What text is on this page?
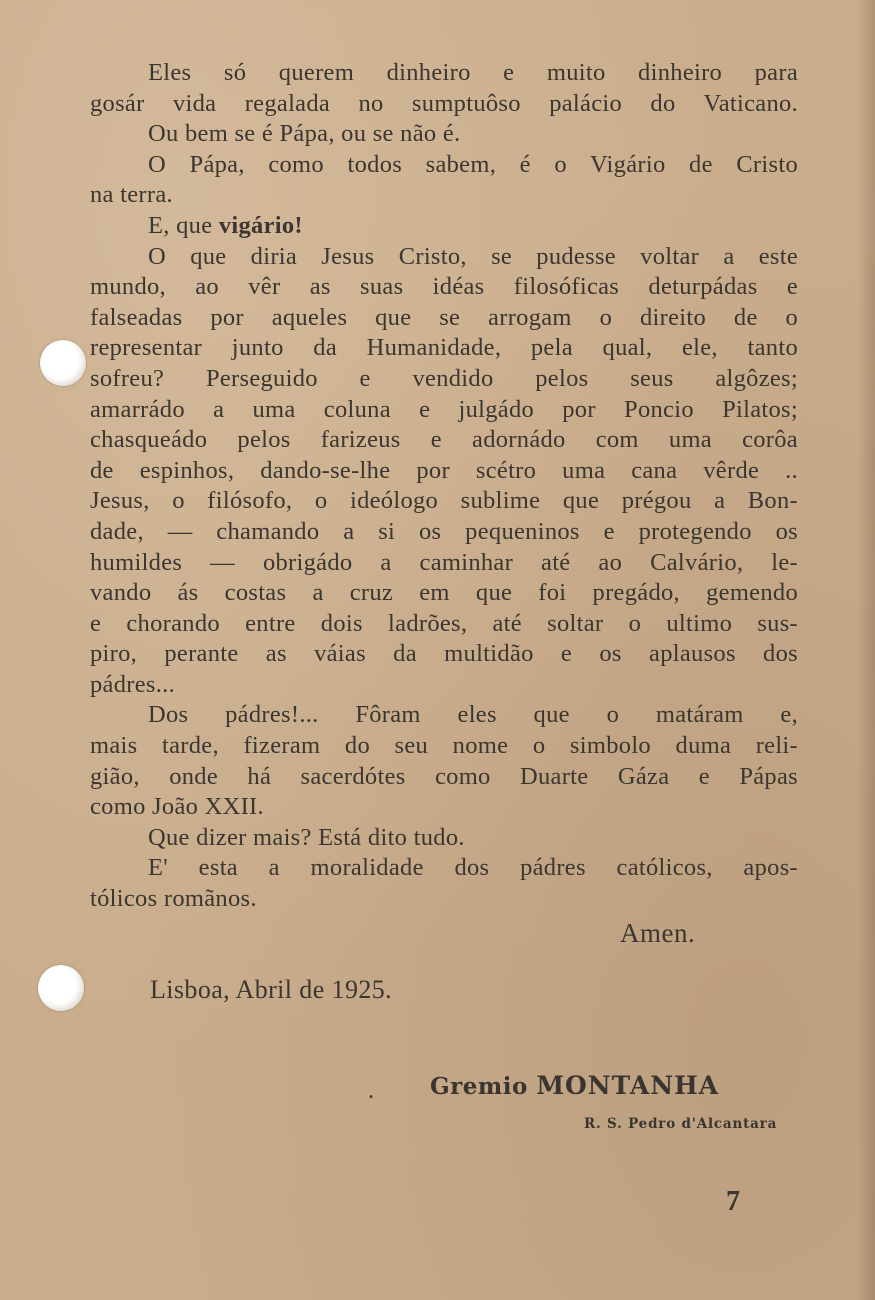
Eles só querem dinheiro e muito dinheiro para
gosár vida regalada no sumptuôso palácio do Vaticano.
Ou bem se é Pápa, ou se não é.
O Pápa, como todos sabem, é o Vigário de Cristo
na terra.
E, que vigário!
O que diria Jesus Cristo, se pudesse voltar a este
mundo, ao vêr as suas idéas filosóficas deturpádas e
falseadas por aqueles que se arrogam o direito de o
representar junto da Humanidade, pela qual, ele, tanto
sofreu? Perseguido e vendido pelos seus algôzes;
amarrádo a uma coluna e julgádo por Poncio Pilatos;
chasqueádo pelos farizeus e adornádo com uma corôa
de espinhos, dando-se-lhe por scétro uma cana vêrde ..
Jesus, o filósofo, o ideólogo sublime que prégou a Bon-
dade, — chamando a si os pequeninos e protegendo os
humildes — obrigádo a caminhar até ao Calvário, le-
vando ás costas a cruz em que foi pregádo, gemendo
e chorando entre dois ladrões, até soltar o ultimo sus-
piro, perante as váias da multidão e os aplausos dos
pádres...
Dos pádres!... Fôram eles que o matáram e,
mais tarde, fizeram do seu nome o simbolo duma reli-
gião, onde há sacerdótes como Duarte Gáza e Pápas
como João XXII.
Que dizer mais? Está dito tudo.
E' esta a moralidade dos pádres católicos, apos-
tólicos romãnos.
Amen.
Lisboa, Abril de 1925.
. Gremio MONTANHA
R. S. Pedro d'Alcantara
7
